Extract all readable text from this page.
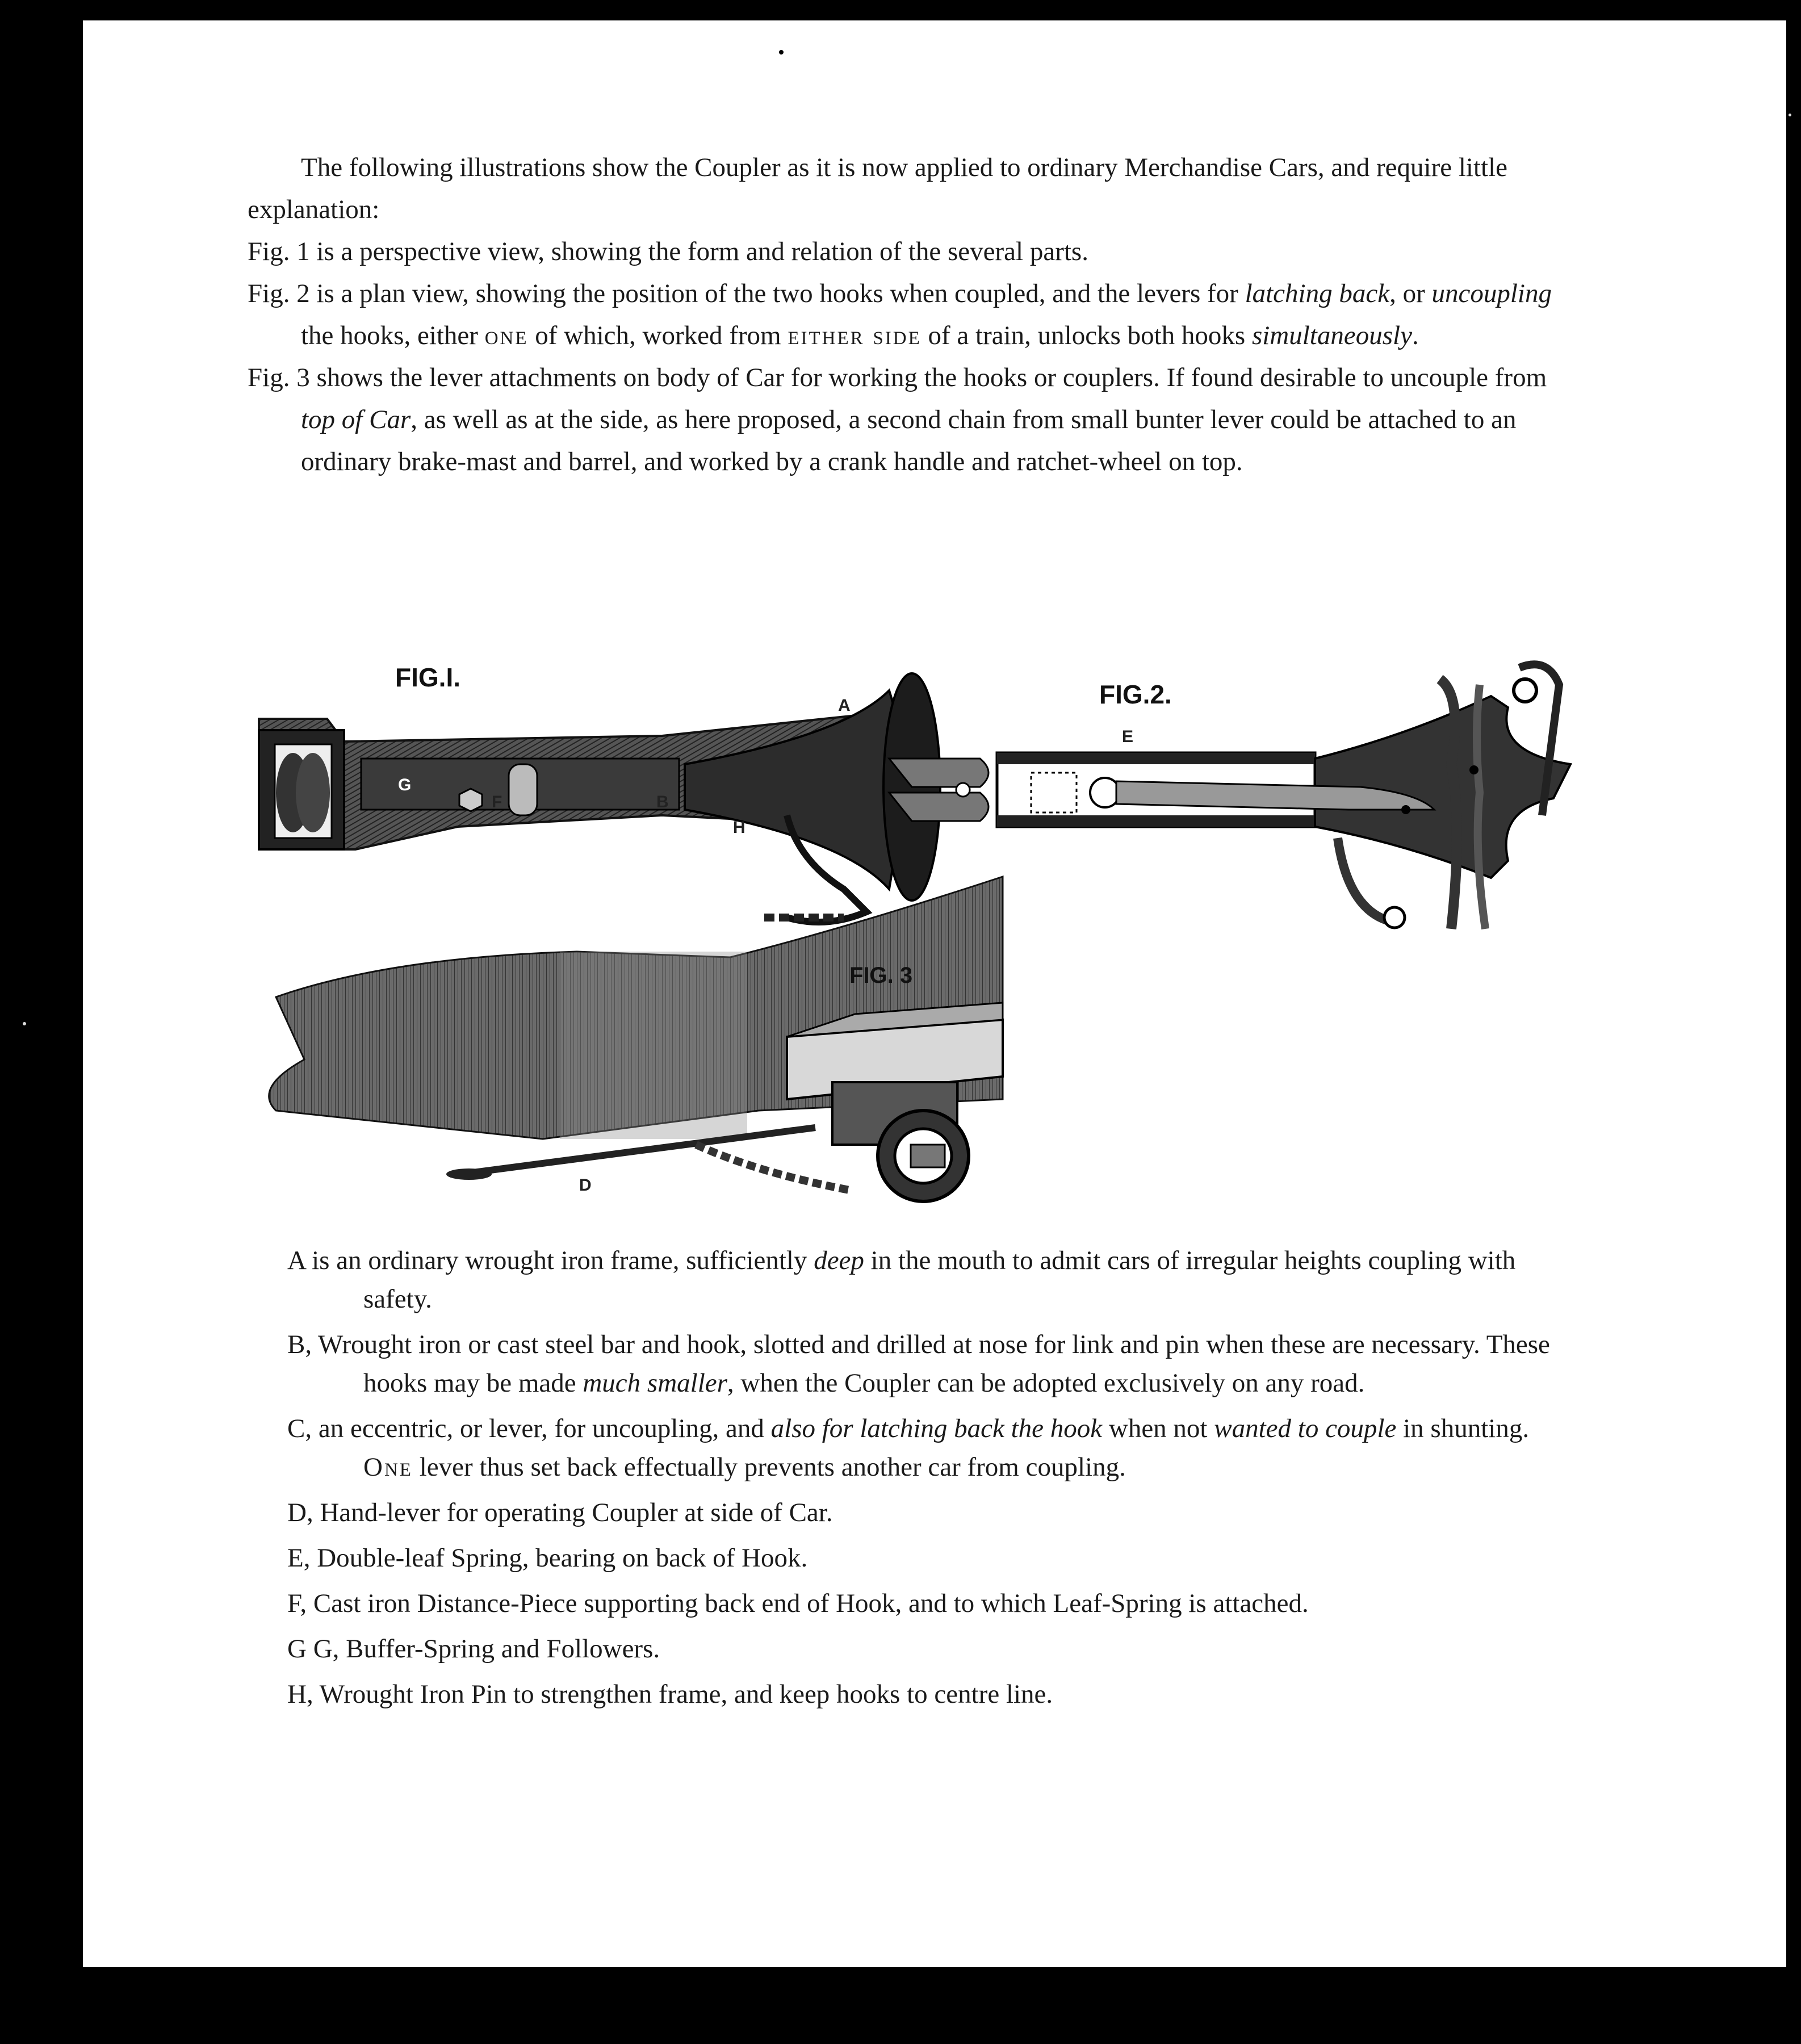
The following illustrations show the Coupler as it is now applied to ordinary Merchandise Cars, and require little explanation:

Fig. 1 is a perspective view, showing the form and relation of the several parts.

Fig. 2 is a plan view, showing the position of the two hooks when coupled, and the levers for latching back, or uncoupling the hooks, either one of which, worked from either side of a train, unlocks both hooks simultaneously.

Fig. 3 shows the lever attachments on body of Car for working the hooks or couplers. If found desirable to uncouple from top of Car, as well as at the side, as here proposed, a second chain from small bunter lever could be attached to an ordinary brake-mast and barrel, and worked by a crank handle and ratchet-wheel on top.

FIG.I.
A
B
F
G
H
FIG.2.
E
FIG. 3
D

A is an ordinary wrought iron frame, sufficiently deep in the mouth to admit cars of irregular heights coupling with safety.

B, Wrought iron or cast steel bar and hook, slotted and drilled at nose for link and pin when these are necessary. These hooks may be made much smaller, when the Coupler can be adopted exclusively on any road.

C, an eccentric, or lever, for uncoupling, and also for latching back the hook when not wanted to couple in shunting. One lever thus set back effectually prevents another car from coupling.

D, Hand-lever for operating Coupler at side of Car.

E, Double-leaf Spring, bearing on back of Hook.

F, Cast iron Distance-Piece supporting back end of Hook, and to which Leaf-Spring is attached.

G G, Buffer-Spring and Followers.

H, Wrought Iron Pin to strengthen frame, and keep hooks to centre line.
